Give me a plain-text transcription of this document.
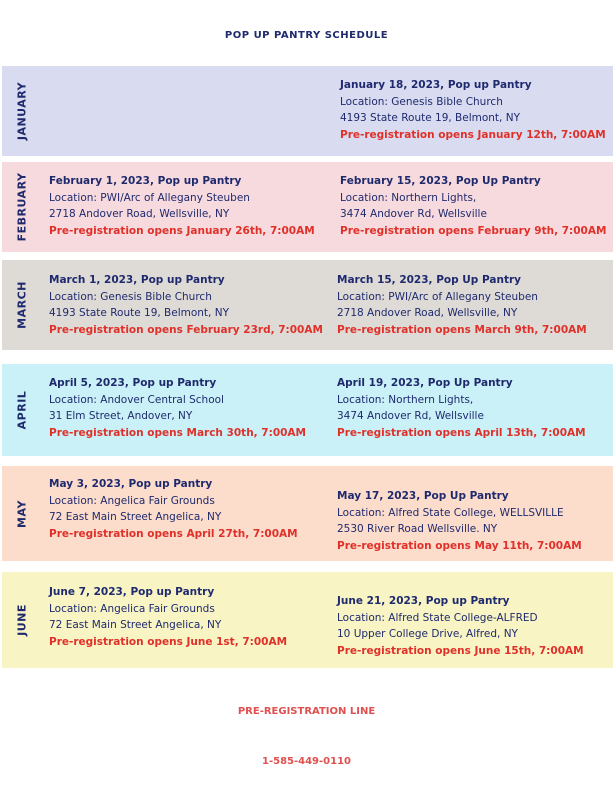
POP UP PANTRY SCHEDULE
JANUARY	January 18, 2023, Pop up Pantry
Location: Genesis Bible Church
4193 State Route 19, Belmont, NY
Pre-registration opens January 12th, 7:00AM
FEBRUARY February 1, 2023, Pop up Pantry
Location: PWI/Arc of Allegany Steuben
2718 Andover Road, Wellsville, NY
Pre-registration opens January 26th, 7:00AM
February 15, 2023, Pop Up Pantry
Location: Northern Lights,
3474 Andover Rd, Wellsville
Pre-registration opens February 9th, 7:00AM
MARCH
March 1, 2023, Pop up Pantry
Location: Genesis Bible Church
4193 State Route 19, Belmont, NY
Pre-registration opens February 23rd, 7:00AM
March 15, 2023, Pop Up Pantry
Location: PWI/Arc of Allegany Steuben
2718 Andover Road, Wellsville, NY
Pre-registration opens March 9th, 7:00AM
APRIL
April 5, 2023, Pop up Pantry
Location: Andover Central School
31 Elm Street, Andover, NY
Pre-registration opens March 30th, 7:00AM
April 19, 2023, Pop Up Pantry
Location: Northern Lights,
3474 Andover Rd, Wellsville
Pre-registration opens April 13th, 7:00AM
MAY
May 3, 2023, Pop up Pantry
Location: Angelica Fair Grounds
72 East Main Street Angelica, NY
Pre-registration opens April 27th, 7:00AM
May 17, 2023, Pop Up Pantry
Location: Alfred State College, WELLSVILLE
2530 River Road Wellsville. NY
Pre-registration opens May 11th, 7:00AM
JUNE
June 7, 2023, Pop up Pantry
Location: Angelica Fair Grounds
72 East Main Street Angelica, NY
Pre-registration opens June 1st, 7:00AM
June 21, 2023, Pop up Pantry
Location: Alfred State College-ALFRED
10 Upper College Drive, Alfred, NY
Pre-registration opens June 15th, 7:00AM
PRE-REGISTRATION LINE
1-585-449-0110
